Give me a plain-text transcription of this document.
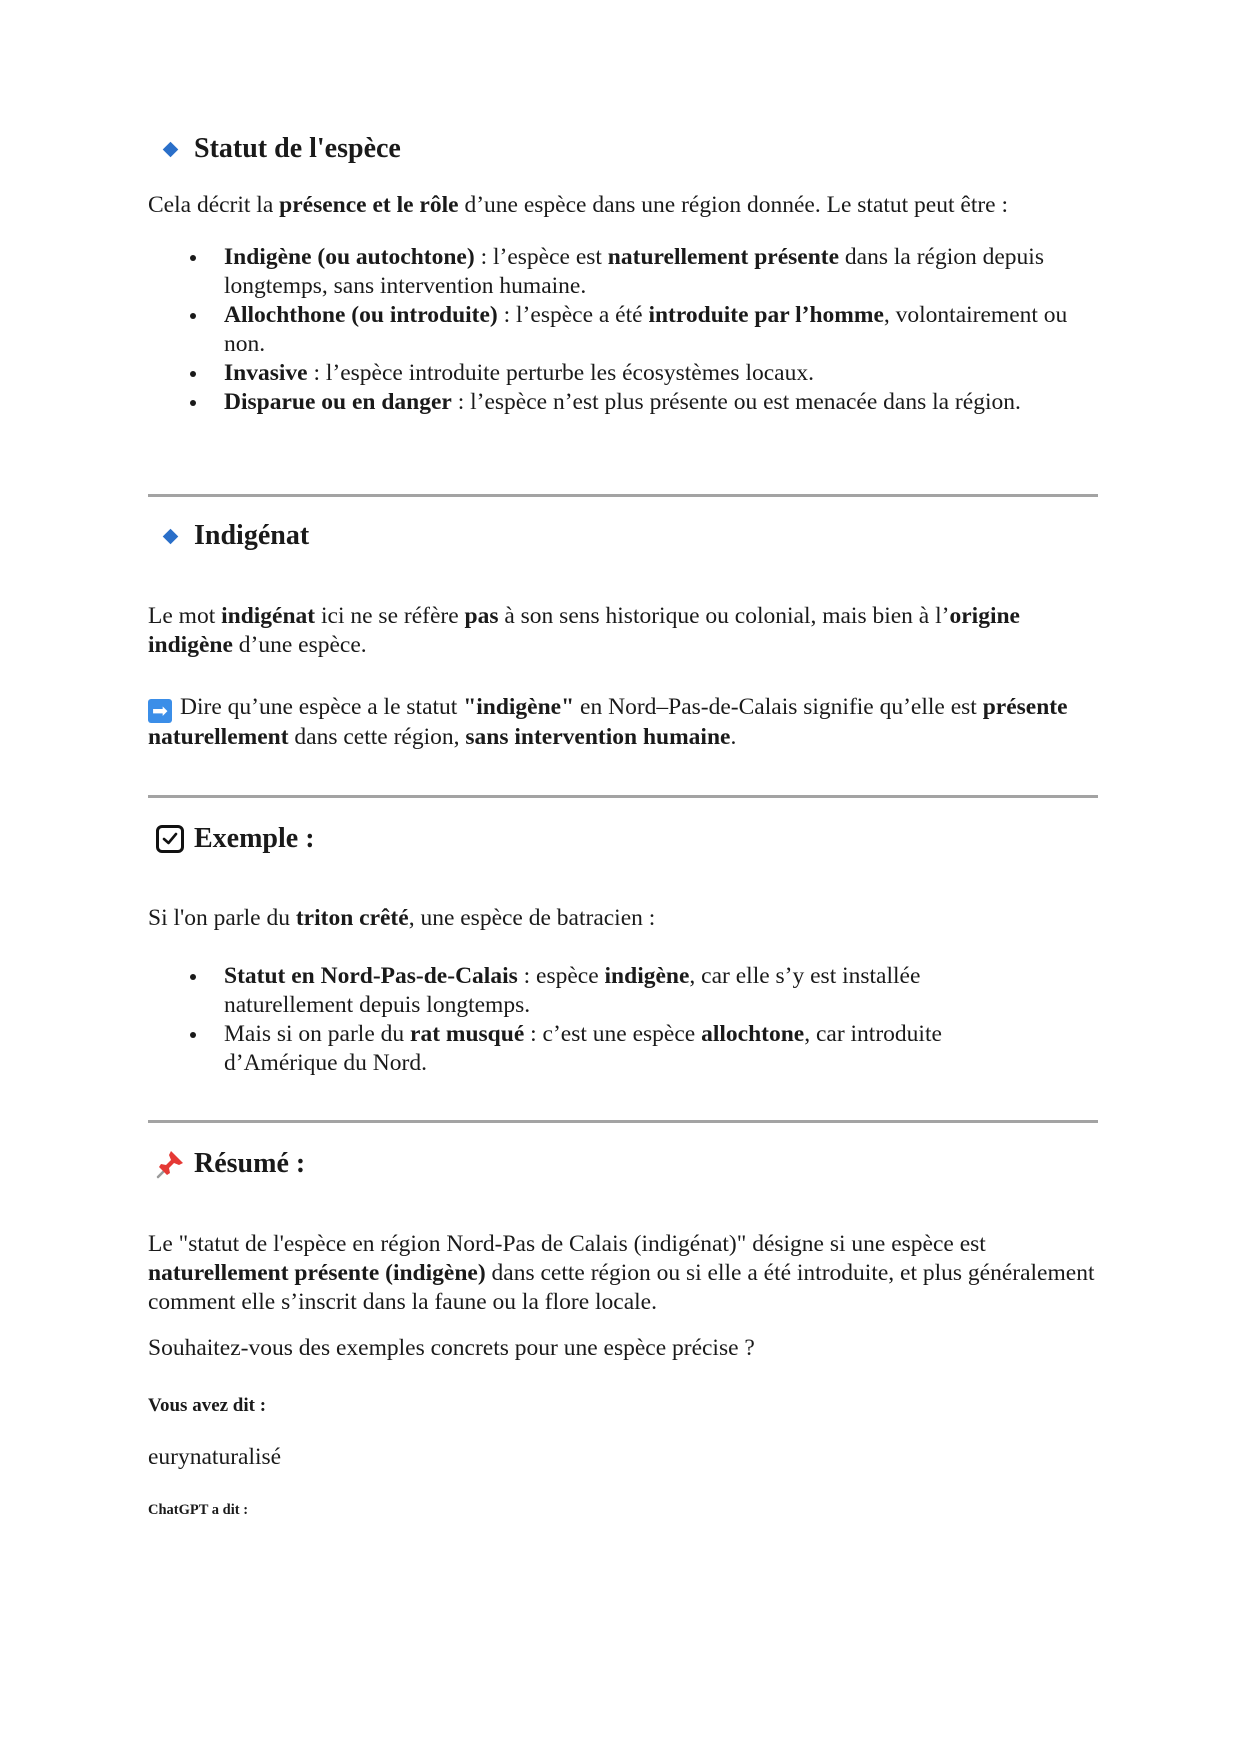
Statut de l'espèce
Cela décrit la présence et le rôle d’une espèce dans une région donnée. Le statut peut être :
Indigène (ou autochtone) : l’espèce est naturellement présente dans la région depuis longtemps, sans intervention humaine.
Allochthone (ou introduite) : l’espèce a été introduite par l’homme, volontairement ou non.
Invasive : l’espèce introduite perturbe les écosystèmes locaux.
Disparue ou en danger : l’espèce n’est plus présente ou est menacée dans la région.
Indigénat
Le mot indigénat ici ne se réfère pas à son sens historique ou colonial, mais bien à l’origine indigène d’une espèce.
➡ Dire qu’une espèce a le statut "indigène" en Nord–Pas-de-Calais signifie qu’elle est présente naturellement dans cette région, sans intervention humaine.
Exemple :
Si l'on parle du triton crêté, une espèce de batracien :
Statut en Nord-Pas-de-Calais : espèce indigène, car elle s’y est installée naturellement depuis longtemps.
Mais si on parle du rat musqué : c’est une espèce allochtone, car introduite d’Amérique du Nord.
Résumé :
Le "statut de l'espèce en région Nord-Pas de Calais (indigénat)" désigne si une espèce est naturellement présente (indigène) dans cette région ou si elle a été introduite, et plus généralement comment elle s’inscrit dans la faune ou la flore locale.
Souhaitez-vous des exemples concrets pour une espèce précise ?
Vous avez dit :
eurynaturalisé
ChatGPT a dit :
